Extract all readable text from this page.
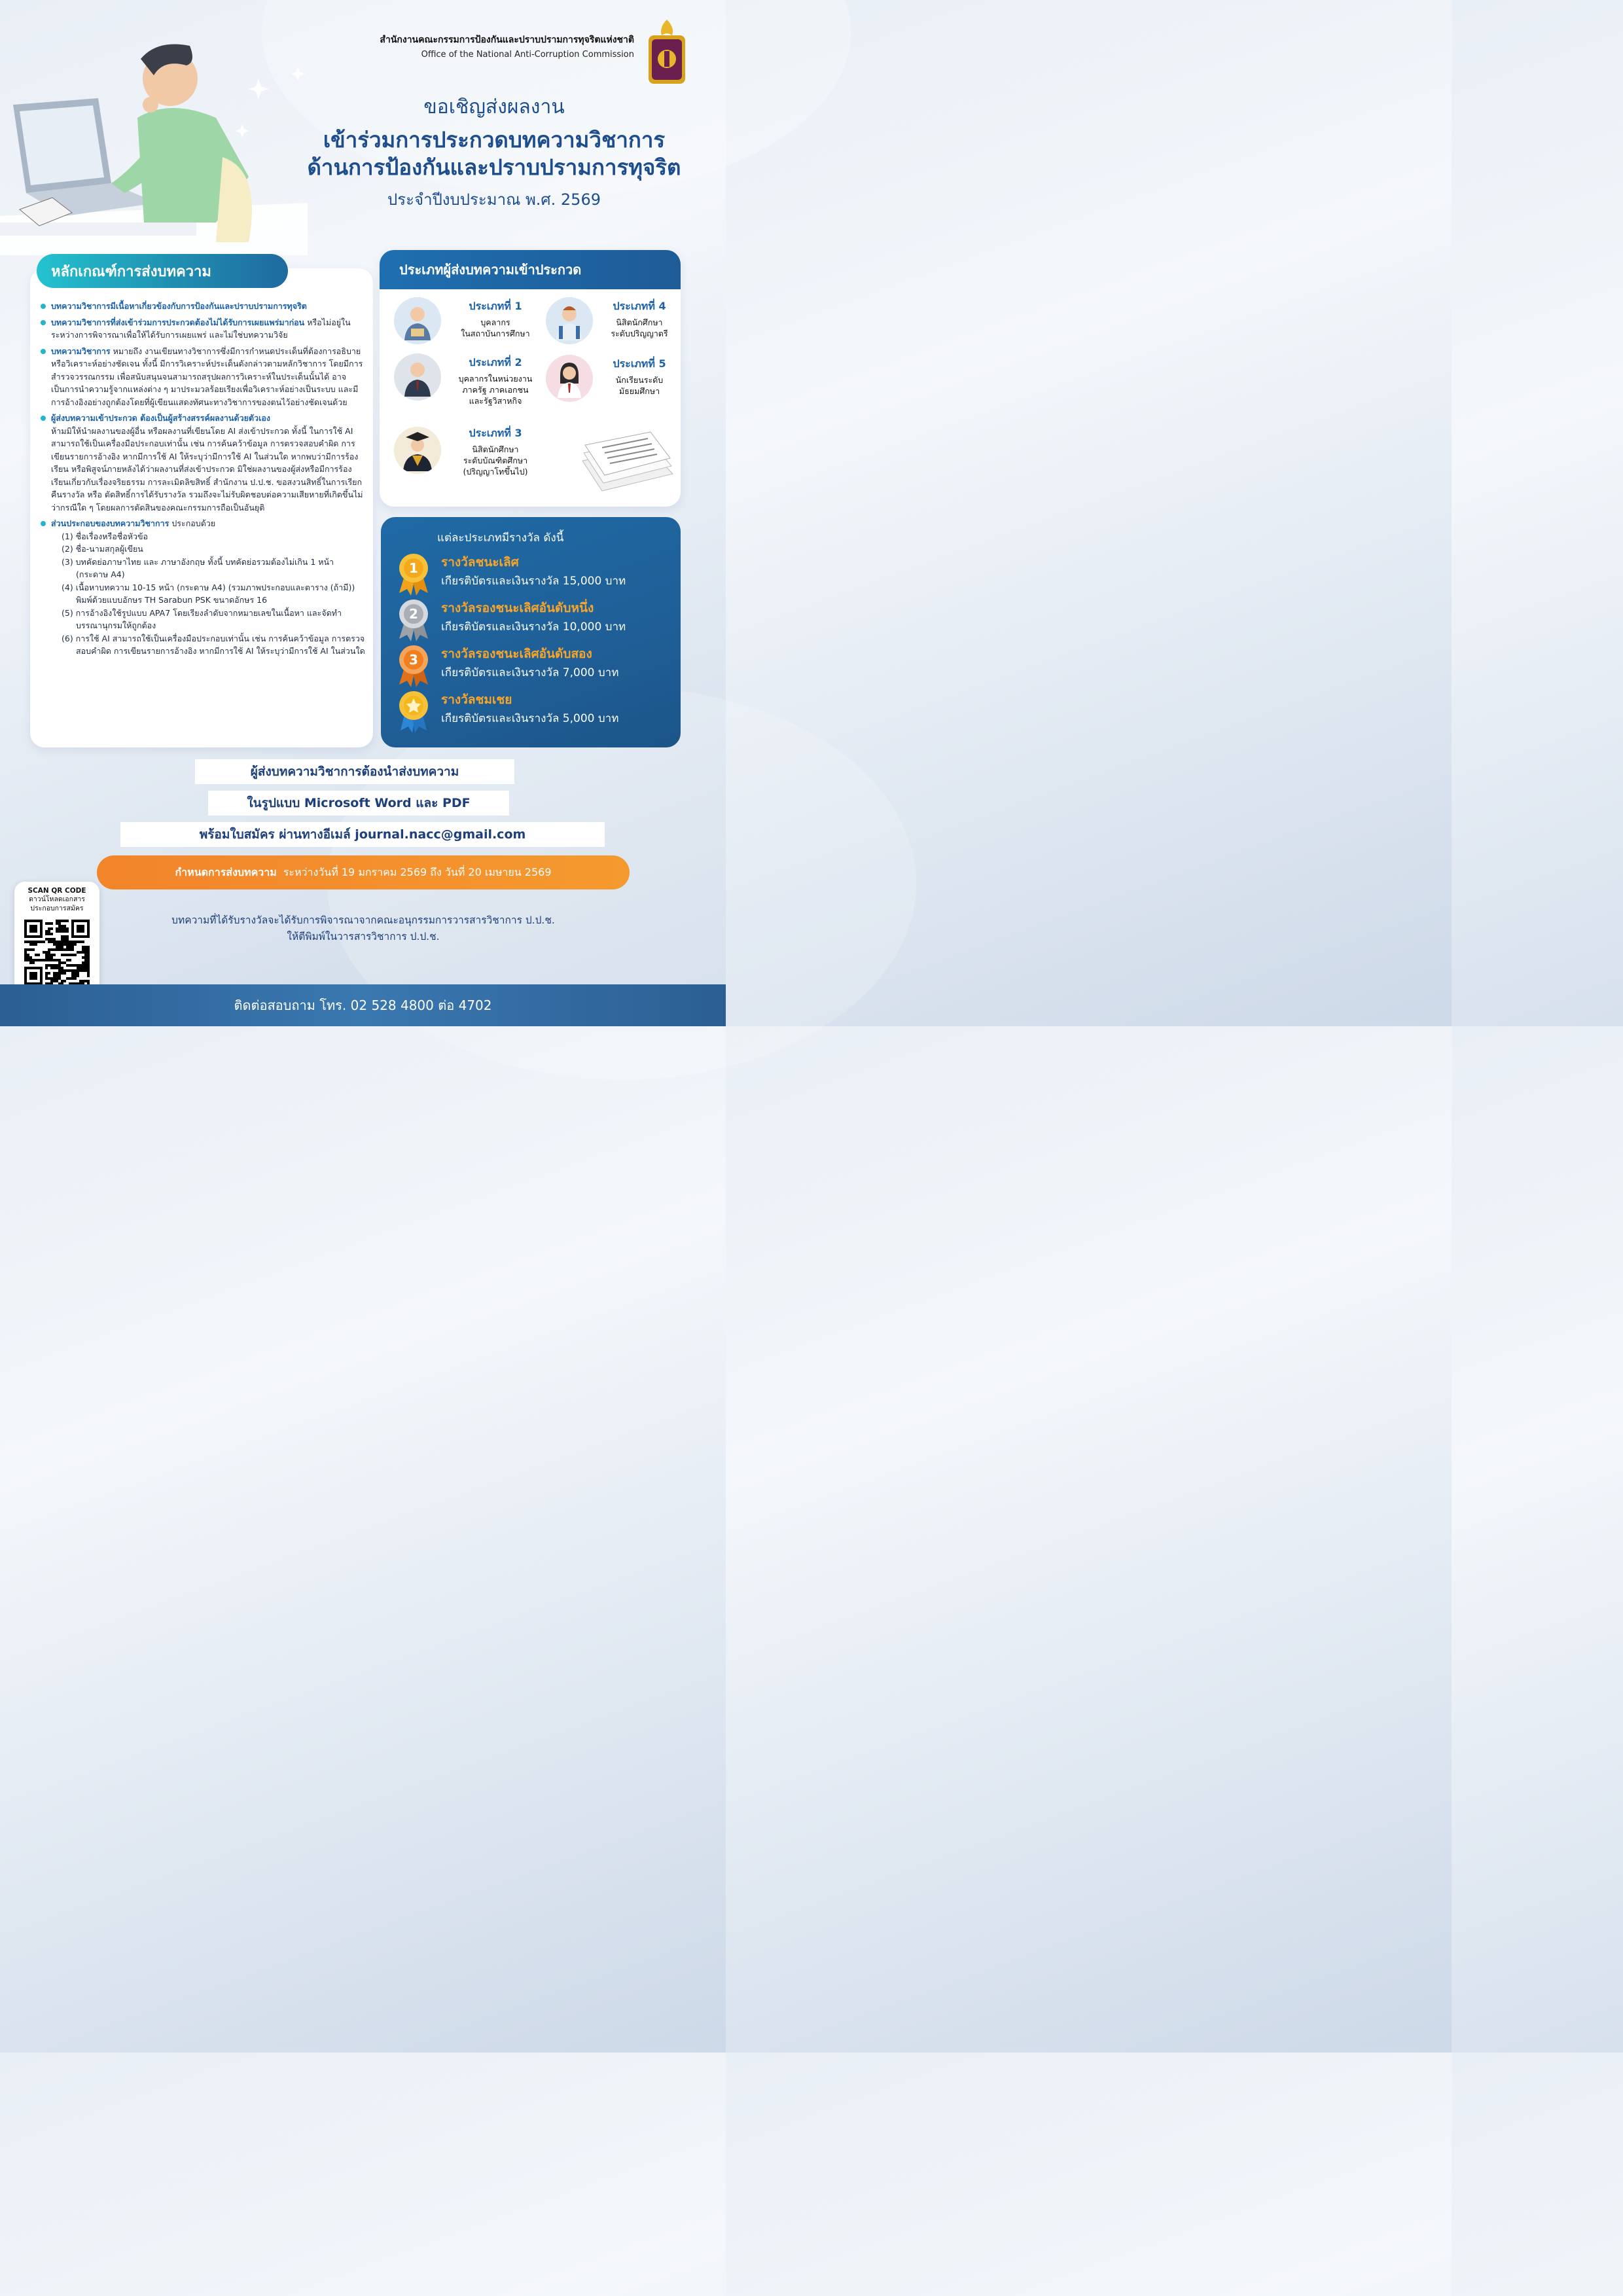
สำนักงานคณะกรรมการป้องกันและปราบปรามการทุจริตแห่งชาติ
Office of the National Anti-Corruption Commission
ขอเชิญส่งผลงาน
เข้าร่วมการประกวดบทความวิชาการ
ด้านการป้องกันและปราบปรามการทุจริต
ประจำปีงบประมาณ พ.ศ. 2569
หลักเกณฑ์การส่งบทความ
บทความวิชาการมีเนื้อหาเกี่ยวข้องกับการป้องกันและปราบปรามการทุจริต
บทความวิชาการที่ส่งเข้าร่วมการประกวดต้องไม่ได้รับการเผยแพร่มาก่อน หรือไม่อยู่ในระหว่างการพิจารณาเพื่อให้ได้รับการเผยแพร่ และไม่ใช่บทความวิจัย
บทความวิชาการ หมายถึง งานเขียนทางวิชาการซึ่งมีการกำหนดประเด็นที่ต้องการอธิบายหรือวิเคราะห์อย่างชัดเจน ทั้งนี้ มีการวิเคราะห์ประเด็นดังกล่าวตามหลักวิชาการ โดยมีการสำรวจวรรณกรรม เพื่อสนับสนุนจนสามารถสรุปผลการวิเคราะห์ในประเด็นนั้นได้ อาจเป็นการนำความรู้จากแหล่งต่าง ๆ มาประมวลร้อยเรียงเพื่อวิเคราะห์อย่างเป็นระบบ และมีการอ้างอิงอย่างถูกต้องโดยที่ผู้เขียนแสดงทัศนะทางวิชาการของตนไว้อย่างชัดเจนด้วย
ผู้ส่งบทความเข้าประกวด ต้องเป็นผู้สร้างสรรค์ผลงานด้วยตัวเอง
ห้ามมิให้นำผลงานของผู้อื่น หรือผลงานที่เขียนโดย AI ส่งเข้าประกวด ทั้งนี้ ในการใช้ AI สามารถใช้เป็นเครื่องมือประกอบเท่านั้น เช่น การค้นคว้าข้อมูล การตรวจสอบคำผิด การเขียนรายการอ้างอิง หากมีการใช้ AI ให้ระบุว่ามีการใช้ AI ในส่วนใด หากพบว่ามีการร้องเรียน หรือพิสูจน์ภายหลังได้ว่าผลงานที่ส่งเข้าประกวด มิใช่ผลงานของผู้ส่งหรือมีการร้องเรียนเกี่ยวกับเรื่องจริยธรรม การละเมิดลิขสิทธิ์ สำนักงาน ป.ป.ช. ขอสงวนสิทธิ์ในการเรียกคืนรางวัล หรือ ตัดสิทธิ์การได้รับรางวัล รวมถึงจะไม่รับผิดชอบต่อความเสียหายที่เกิดขึ้นไม่ว่ากรณีใด ๆ โดยผลการตัดสินของคณะกรรมการถือเป็นอันยุติ
ส่วนประกอบของบทความวิชาการ ประกอบด้วย
(1) ชื่อเรื่องหรือชื่อหัวข้อ
(2) ชื่อ-นามสกุลผู้เขียน
(3) บทคัดย่อภาษาไทย และ ภาษาอังกฤษ ทั้งนี้ บทคัดย่อรวมต้องไม่เกิน 1 หน้า (กระดาษ A4)
(4) เนื้อหาบทความ 10-15 หน้า (กระดาษ A4) (รวมภาพประกอบและตาราง (ถ้ามี)) พิมพ์ด้วยแบบอักษร TH Sarabun PSK ขนาดอักษร 16
(5) การอ้างอิงใช้รูปแบบ APA7 โดยเรียงลำดับจากหมายเลขในเนื้อหา และจัดทำบรรณานุกรมให้ถูกต้อง
(6) การใช้ AI สามารถใช้เป็นเครื่องมือประกอบเท่านั้น เช่น การค้นคว้าข้อมูล การตรวจสอบคำผิด การเขียนรายการอ้างอิง หากมีการใช้ AI ให้ระบุว่ามีการใช้ AI ในส่วนใด
ประเภทผู้ส่งบทความเข้าประกวด
ประเภทที่ 1
บุคลากร
ในสถาบันการศึกษา
ประเภทที่ 2
บุคลากรในหน่วยงาน
ภาครัฐ ภาคเอกชน
และรัฐวิสาหกิจ
ประเภทที่ 3
นิสิตนักศึกษา
ระดับบัณฑิตศึกษา
(ปริญญาโทขึ้นไป)
ประเภทที่ 4
นิสิตนักศึกษา
ระดับปริญญาตรี
ประเภทที่ 5
นักเรียนระดับ
มัธยมศึกษา
แต่ละประเภทมีรางวัล ดังนี้
1 รางวัลชนะเลิศ
เกียรติบัตรและเงินรางวัล 15,000 บาท
2 รางวัลรองชนะเลิศอันดับหนึ่ง
เกียรติบัตรและเงินรางวัล 10,000 บาท
3 รางวัลรองชนะเลิศอันดับสอง
เกียรติบัตรและเงินรางวัล 7,000 บาท
รางวัลชมเชย
เกียรติบัตรและเงินรางวัล 5,000 บาท
ผู้ส่งบทความวิชาการต้องนำส่งบทความ
ในรูปแบบ Microsoft Word และ PDF
พร้อมใบสมัคร ผ่านทางอีเมล์ journal.nacc@gmail.com
กำหนดการส่งบทความ ระหว่างวันที่ 19 มกราคม 2569 ถึง วันที่ 20 เมษายน 2569
บทความที่ได้รับรางวัลจะได้รับการพิจารณาจากคณะอนุกรรมการวารสารวิชาการ ป.ป.ช.
ให้ตีพิมพ์ในวารสารวิชาการ ป.ป.ช.
SCAN QR CODE
ดาวน์โหลดเอกสาร
ประกอบการสมัคร
ติดต่อสอบถาม โทร. 02 528 4800 ต่อ 4702
